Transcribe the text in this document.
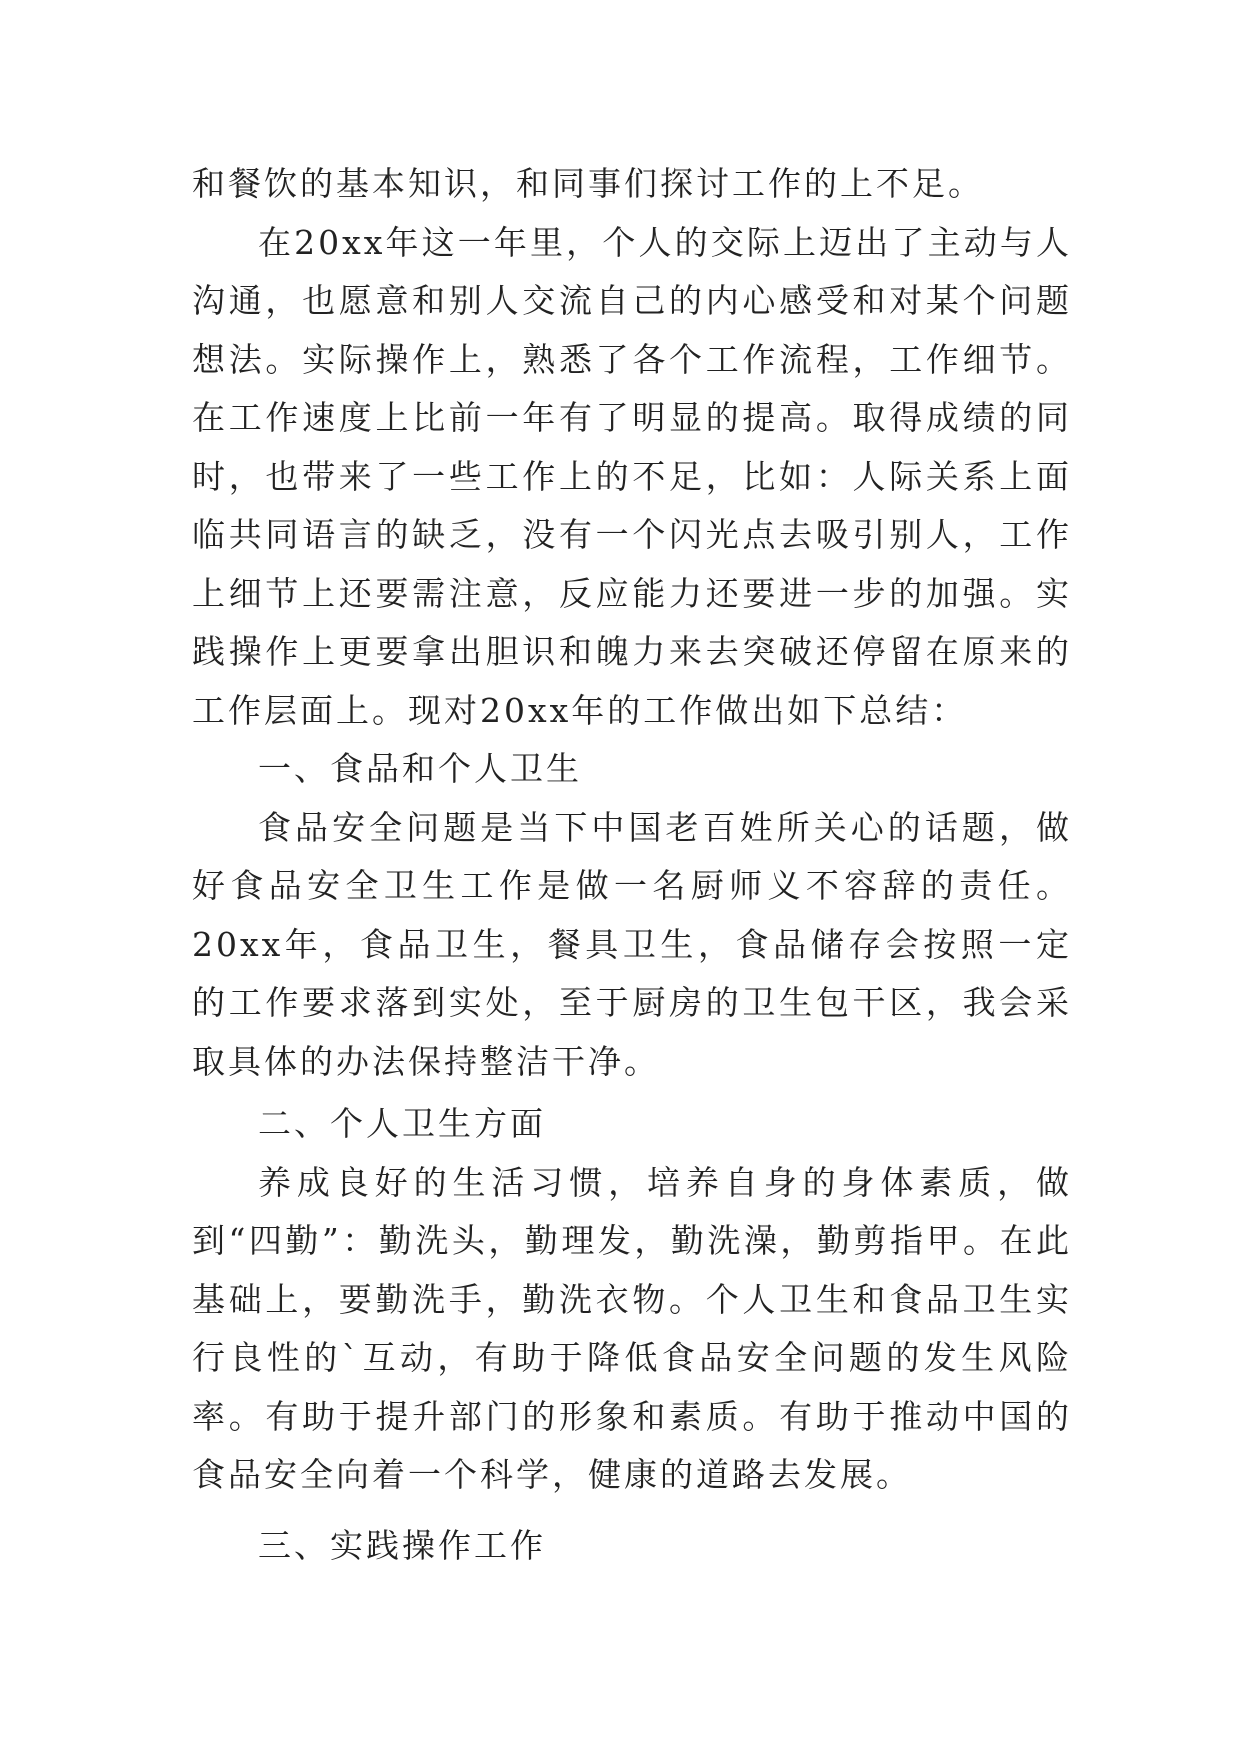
和餐饮的基本知识，和同事们探讨工作的上不足。

在20xx年这一年里，个人的交际上迈出了主动与人沟通，也愿意和别人交流自己的内心感受和对某个问题想法。实际操作上，熟悉了各个工作流程，工作细节。在工作速度上比前一年有了明显的提高。取得成绩的同时，也带来了一些工作上的不足，比如：人际关系上面临共同语言的缺乏，没有一个闪光点去吸引别人，工作上细节上还要需注意，反应能力还要进一步的加强。实践操作上更要拿出胆识和魄力来去突破还停留在原来的工作层面上。现对20xx年的工作做出如下总结：

一、食品和个人卫生

食品安全问题是当下中国老百姓所关心的话题，做好食品安全卫生工作是做一名厨师义不容辞的责任。20xx年，食品卫生，餐具卫生，食品储存会按照一定的工作要求落到实处，至于厨房的卫生包干区，我会采取具体的办法保持整洁干净。

二、个人卫生方面

养成良好的生活习惯，培养自身的身体素质，做到“四勤”：勤洗头，勤理发，勤洗澡，勤剪指甲。在此基础上，要勤洗手，勤洗衣物。个人卫生和食品卫生实行良性的`互动，有助于降低食品安全问题的发生风险率。有助于提升部门的形象和素质。有助于推动中国的食品安全向着一个科学，健康的道路去发展。

三、实践操作工作
